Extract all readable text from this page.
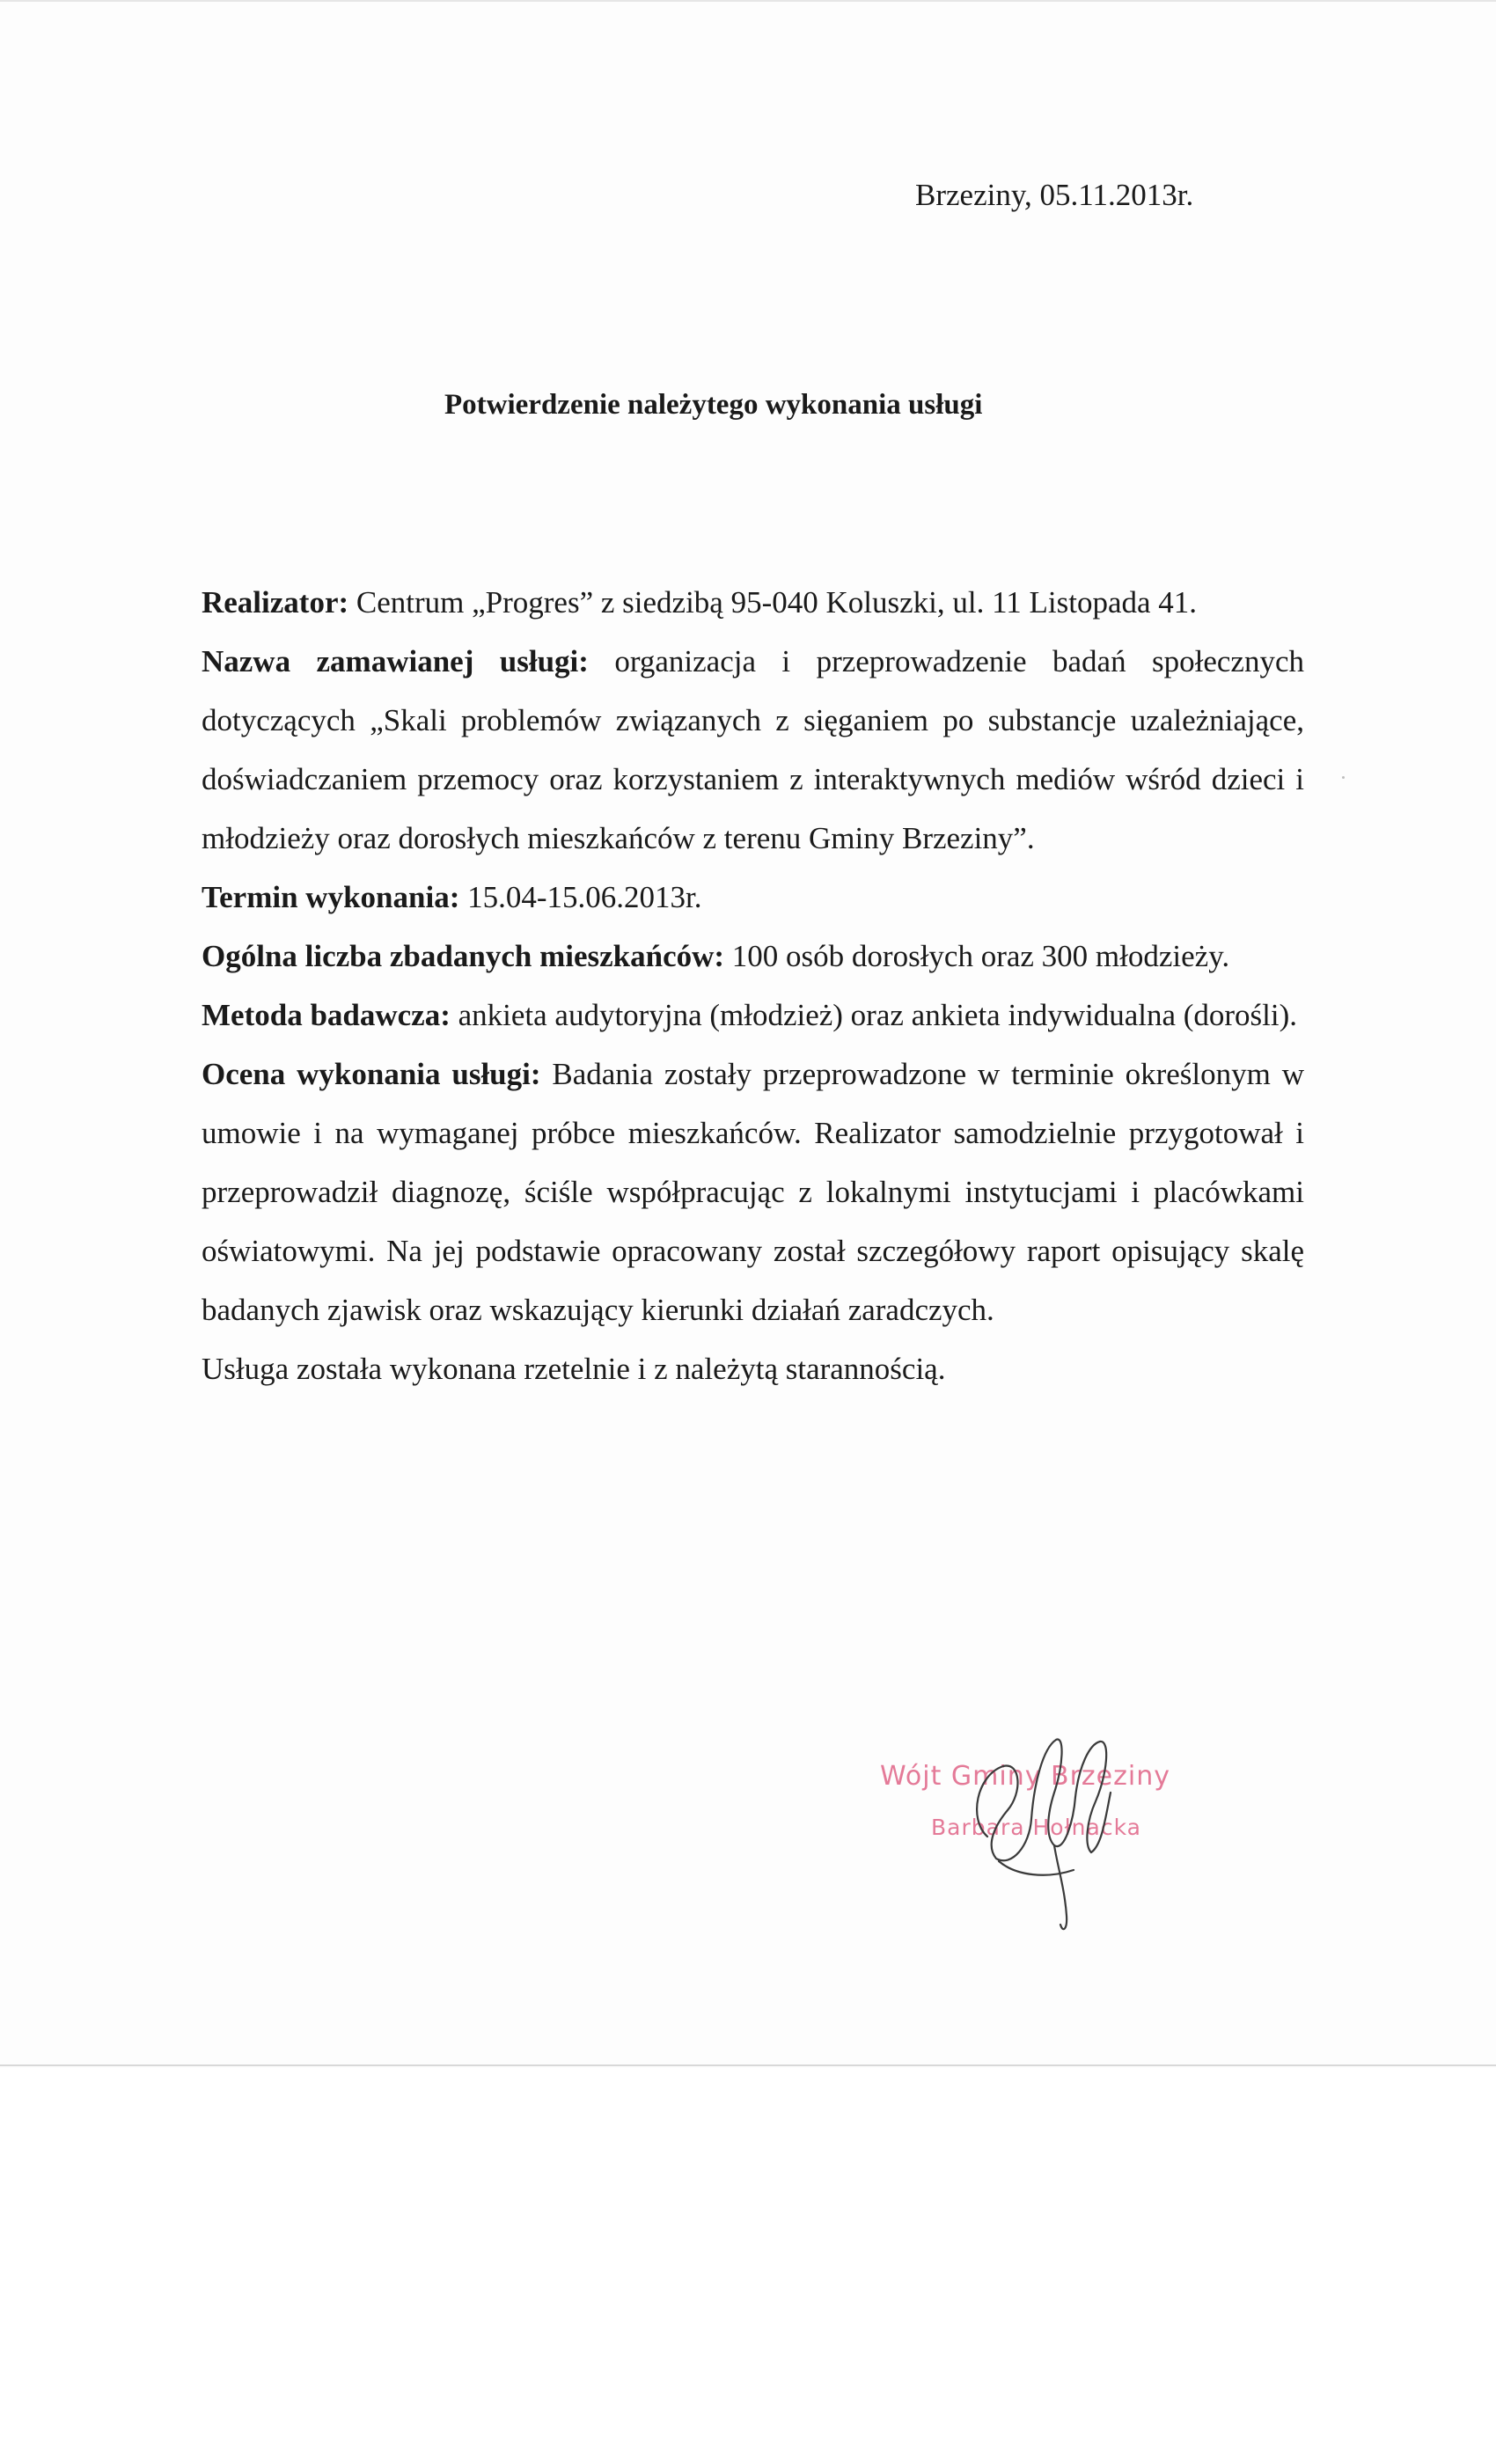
Brzeziny, 05.11.2013r.
Potwierdzenie należytego wykonania usługi

Realizator: Centrum „Progres” z siedzibą 95-040 Koluszki, ul. 11 Listopada 41.

Nazwa zamawianej usługi: organizacja i przeprowadzenie badań społecznych dotyczących „Skali problemów związanych z sięganiem po substancje uzależniające, doświadczaniem przemocy oraz korzystaniem z interaktywnych mediów wśród dzieci i młodzieży oraz dorosłych mieszkańców z terenu Gminy Brzeziny”.

Termin wykonania: 15.04-15.06.2013r.

Ogólna liczba zbadanych mieszkańców: 100 osób dorosłych oraz 300 młodzieży.

Metoda badawcza: ankieta audytoryjna (młodzież) oraz ankieta indywidualna (dorośli).

Ocena wykonania usługi: Badania zostały przeprowadzone w terminie określonym w umowie i na wymaganej próbce mieszkańców. Realizator samodzielnie przygotował i przeprowadził diagnozę, ściśle współpracując z lokalnymi instytucjami i placówkami oświatowymi. Na jej podstawie opracowany został szczegółowy raport opisujący skalę badanych zjawisk oraz wskazujący kierunki działań zaradczych.

Usługa została wykonana rzetelnie i z należytą starannością.

Wójt Gminy Brzeziny
Barbara Hołnacka
